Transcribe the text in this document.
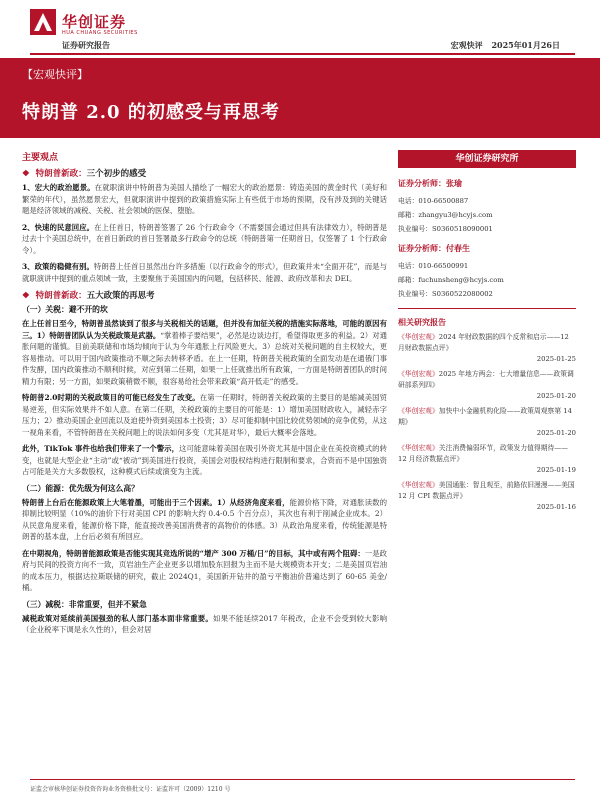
华创证券
HUA CHUANG SECURITIES
证券研究报告	宏观快评 2025年01月26日
【宏观快评】
特朗普 2.0 的初感受与再思考
主要观点
❖ 特朗普新政：三个初步的感受

1、宏大的政治愿景。在就职演讲中特朗普为美国人描绘了一幅宏大的政治愿景：铸造美国的黄金时代（美好和繁荣的年代），虽然愿景宏大，但就职演讲中提到的政策措施实际上有些低于市场的预期，没有涉及到的关键话题是经济领域的减税、关税、社会领域的医保、堕胎。

2、快速的民意回应。在上任首日，特朗普签署了 26 个行政命令（不需要国会通过但具有法律效力），特朗普是过去十个美国总统中，在首日新政的首日签署最多行政命令的总统（特朗普第一任期首日，仅签署了 1 个行政命令）。

3、政策的稳健有别。特朗普上任首日虽然出台许多措施（以行政命令的形式），但政策并未“全面开花”，而是与就职演讲中提到的重点领域一致，主要聚焦于美国国内的问题，包括移民、能源、政府改革和去 DEI。

❖ 特朗普新政：五大政策的再思考
（一）关税：避不开的坎

在上任首日至今，特朗普虽然谈到了很多与关税相关的话题，但并没有加征关税的措施实际落地，可能的原因有三。1）特朗普团队认为关税政策是武器。“掌着棒子要结果”，必然是边谈边打，希望得取更多的利益。2）对通胀问题的谨慎。目前美联储和市场均倾向于认为今年通胀上行风险更大。3）总统对关税问题的自主权较大，更容易推动。可以用于国内政策推动不顺之际去转移矛盾。在上一任期，特朗普关税政策的全面发动是在通俄门事件发酵，国内政策推动不顺利时候，对应到第二任期，如果一上任就推出所有政策，一方面是特朗普团队的时间精力有限；另一方面，如果政策稍微不顺，很容易给社会带来政策“高开低走”的感受。

特朗普2.0时期的关税政策目的可能已经发生了改变。在第一任期时，特朗普关税政策的主要目的是缩减美国贸易逆差，但实际效果并不如人意。在第二任期，关税政策的主要目的可能是：1）增加美国财政收入，减轻赤字压力；2）推动美国企业回流以及迫使外资到美国本土投资；3）尽可能抑制中国比较优势领域的竞争优势，从这一视角来看，不管特朗普在关税问题上的说法如何多变（尤其是对华），最后大概率会落地。

此外，TikTok 事件也给我们带来了一个警示，这可能意味着美国在吸引外资尤其是中国企业在美投资模式的转变，也就是大型企业“主动”或“被动”到美国进行投资，美国会对股权结构进行限制和要求，合资而不是中国独资占可能是关方大多数股权，这种模式后续或演变为主流。

（二）能源：优先级为何这么高？

特朗普上台后在能源政策上大笔着墨，可能出于三个因素。1）从经济角度来看，能源价格下降，对通胀读数的抑制比较明显（10%的油价下行对美国 CPI 的影响大约 0.4-0.5 个百分点），其次也有利于削减企业成本。2）从民意角度来看，能源价格下降，能直接改善美国消费者的高物价的体感。3）从政治角度来看，传统能源是特朗普的基本盘，上台后必须有所回应。

在中期视角，特朗普能源政策是否能实现其竞选所说的“增产 300 万桶/日”的目标，其中或有两个阻碍：一是政府与民间的投资方向不一致，页岩油生产企业更多以增加股东回报为主而不是大规模资本开支；二是美国页岩油的成本压力，根据达拉斯联储的研究，截止 2024Q1，美国新开钻井的盈亏平衡油价普遍达到了 60-65 美金/桶。

（三）减税：非常重要，但并不紧急

减税政策对延续前美国强劲的私人部门基本面非常重要。如果不能延续2017 年税改，企业不会受到较大影响（企业税率下调是永久性的），但会对居

华创证券研究所
证券分析师：张瑜
电话：010-66500887
邮箱：zhangyu3@hcyjs.com
执业编号：S0360518090001
证券分析师：付春生
电话：010-66500991
邮箱：fuchunsheng@hcyjs.com
执业编号：S0360522080002
相关研究报告
《华创宏观》2024 年财政数据的四个反常和启示——12 月财政数据点评》
2025-01-25
《华创宏观》2025 年地方两会：七大增量信息——政策调研部系列四》
2025-01-20
《华创宏观》加快中小金融机构化险——政策周观察第 14 期》
2025-01-20
《华创宏观》关注消费偏弱环节，政策发力值得期待——12 月经济数据点评》
2025-01-19
《华创宏观》美国通胀：智且观至，前路依旧漫漫——美国 12 月 CPI 数据点评》
2025-01-16
证监会审核华创证券投资咨询业务资格批文号：证监许可（2009）1210 号
